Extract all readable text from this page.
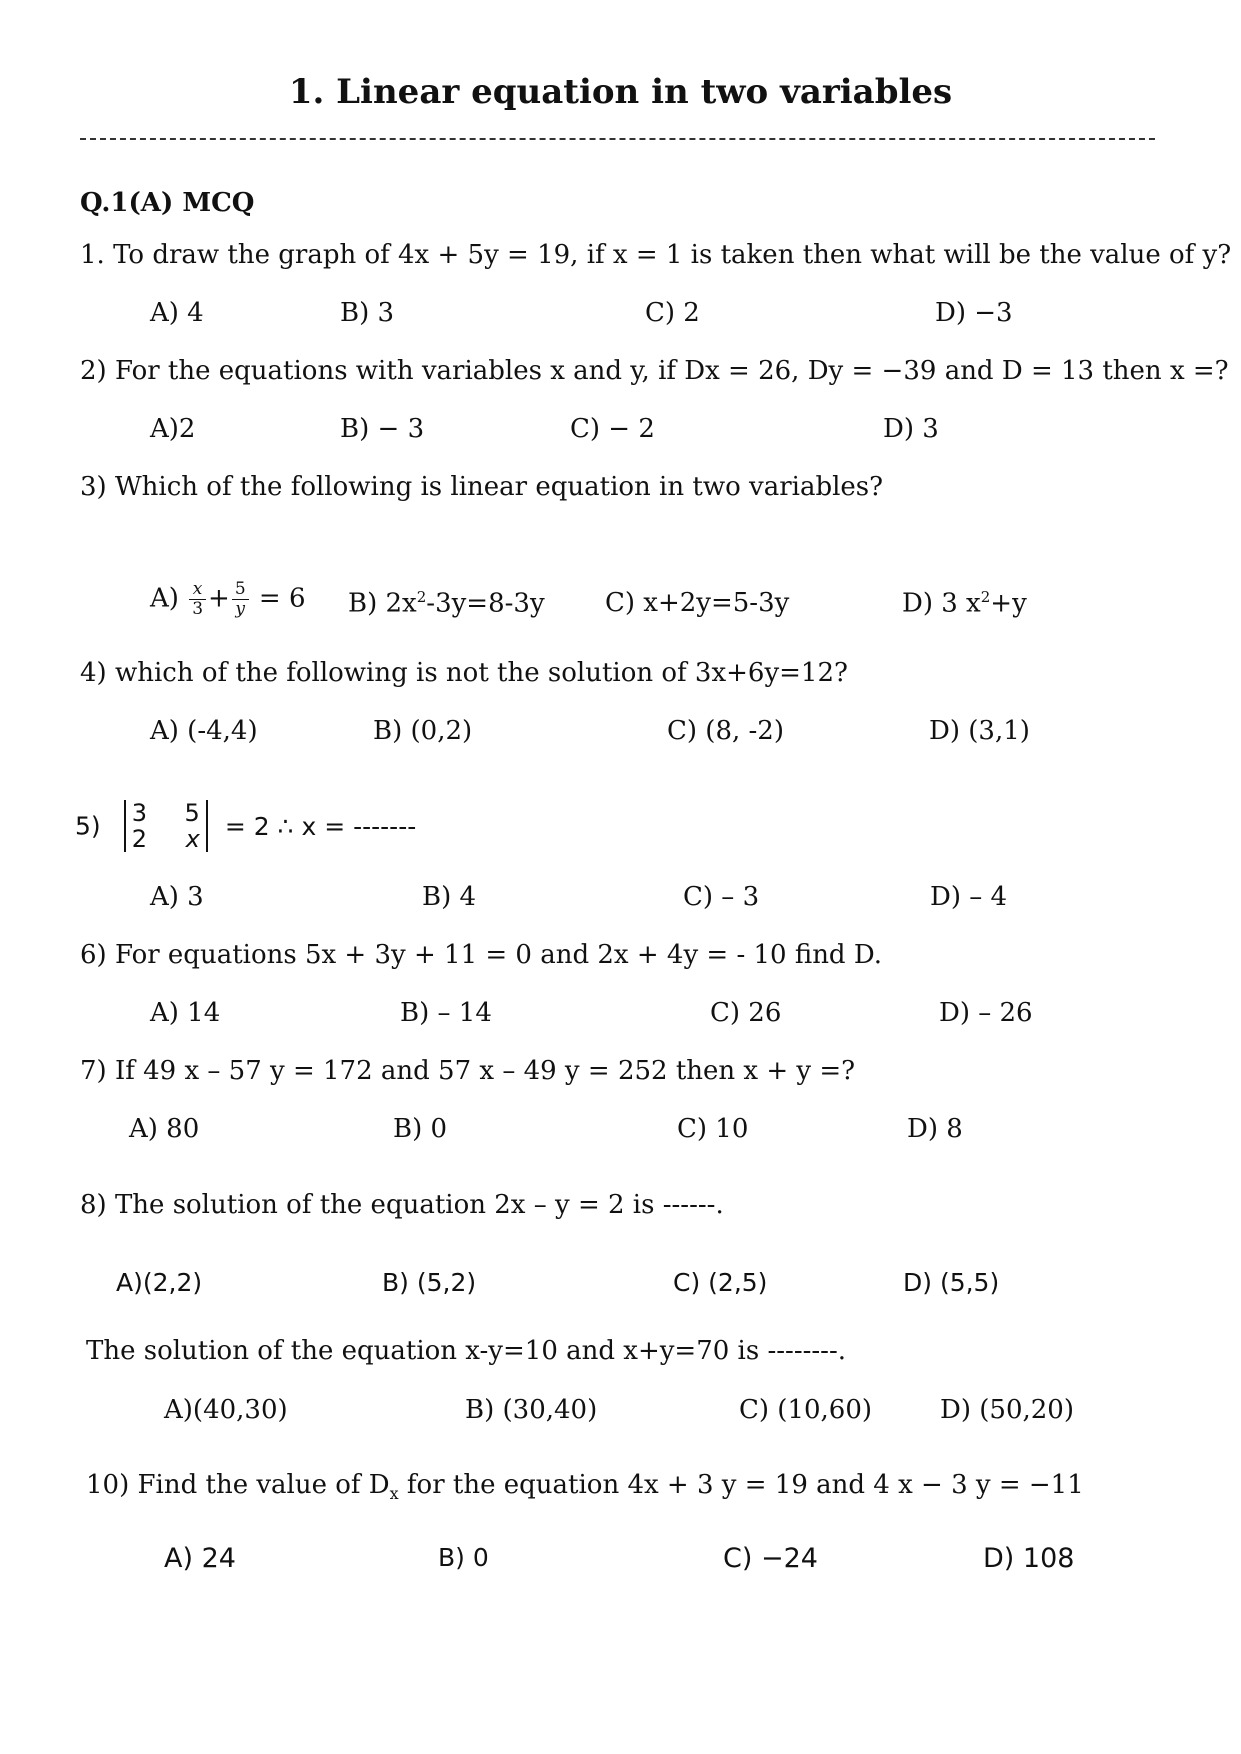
1. Linear equation in two variables
Q.1(A) MCQ
1. To draw the graph of 4x + 5y = 19, if x = 1 is taken then what will be the value of y?
A) 4	B) 3	C) 2	D) −3
2) For the equations with variables x and y, if Dx = 26, Dy = −39 and D = 13 then x =?
A)2	B) − 3	C) − 2	D) 3
3) Which of the following is linear equation in two variables?
$A) \frac{x}{3} + \frac{5}{y} = 6$ B) $2x^2-3y=8-3y$ C) x+2y=5-3y	D) 3 $x^2+y$
4) which of the following is not the solution of 3x+6y=12?
A) (-4,4)	B) (0,2)	C) (8, -2)	D) (3,1)
5) 3 5
2 x = 2 ∴ x = -------
A) 3	B) 4	C) – 3	D) – 4
6) For equations 5x + 3y + 11 = 0 and 2x + 4y = - 10 find D.
A) 14	B) – 14	C) 26	D) – 26
7) If 49 x – 57 y = 172 and 57 x – 49 y = 252 then x + y =?
A) 80	B) 0	C) 10	D) 8
8) The solution of the equation 2x – y = 2 is ------.
A)(2,2)	B) (5,2)	C) (2,5)	D) (5,5)
The solution of the equation x-y=10 and x+y=70 is --------.
A)(40,30)	B) (30,40)	C) (10,60)	D) (50,20)
10) Find the value of $D_x$ for the equation 4x + 3 y = 19 and 4 x − 3 y = −11
A) 24	B) 0	C) −24	D) 108
